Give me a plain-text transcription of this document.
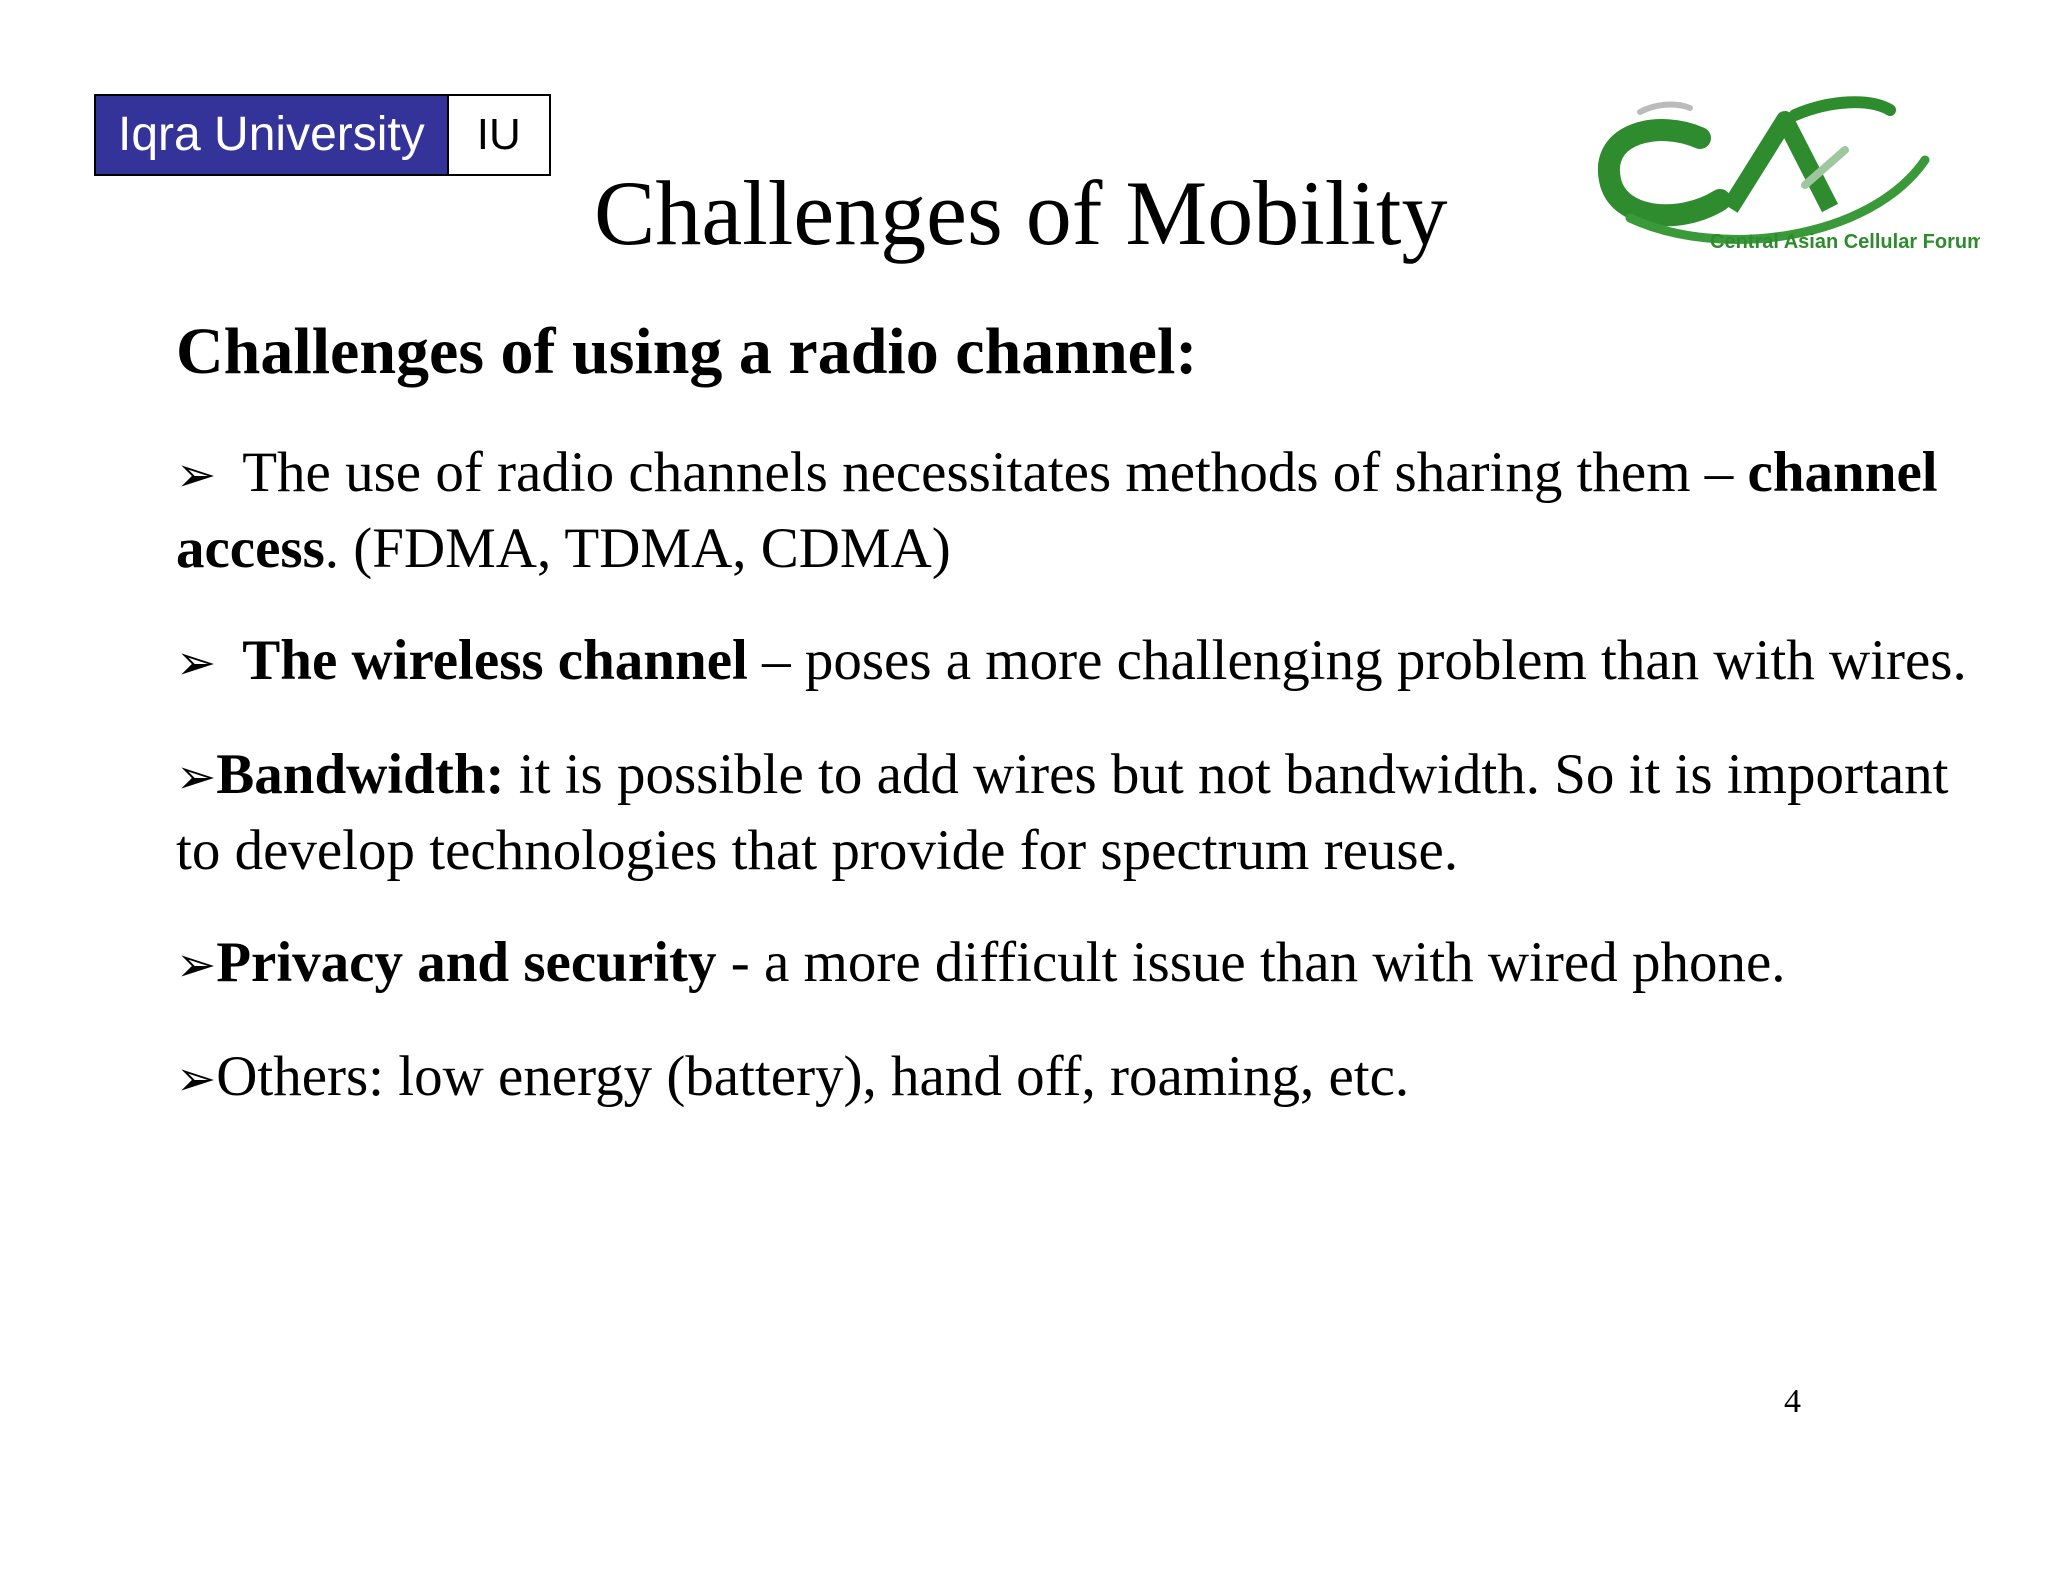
Iqra University	IU
Challenges of Mobility	Central Asian Cellular Forum
Challenges of using a radio channel:
➢ The use of radio channels necessitates methods of sharing them – channel access. (FDMA, TDMA, CDMA)
➢ The wireless channel – poses a more challenging problem than with wires.
➢Bandwidth: it is possible to add wires but not bandwidth. So it is important to develop technologies that provide for spectrum reuse.
➢Privacy and security - a more difficult issue than with wired phone.
➢Others: low energy (battery), hand off, roaming, etc.
4
